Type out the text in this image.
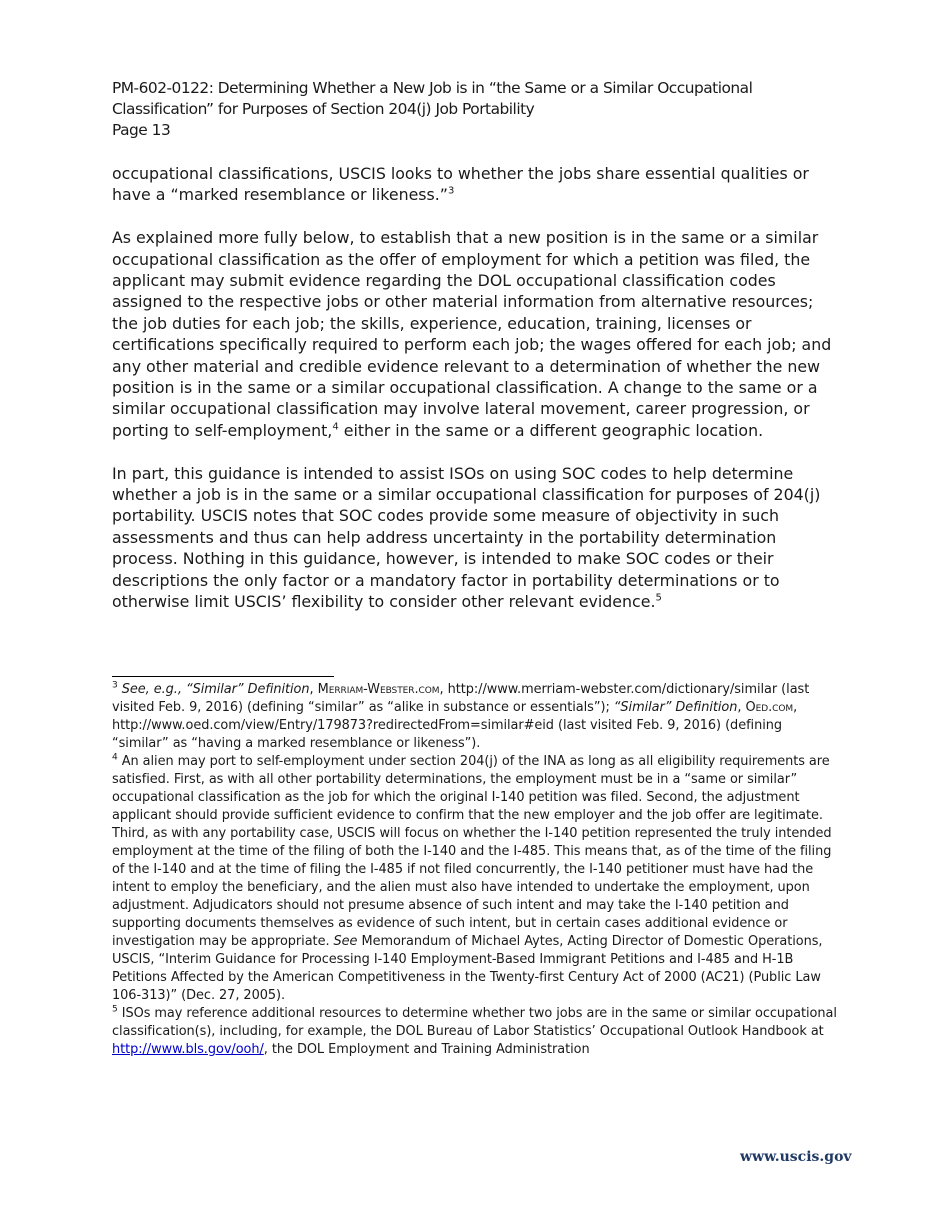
PM-602-0122: Determining Whether a New Job is in “the Same or a Similar Occupational
Classification” for Purposes of Section 204(j) Job Portability
Page 13

occupational classifications, USCIS looks to whether the jobs share essential qualities or have a “marked resemblance or likeness.”$^3$

As explained more fully below, to establish that a new position is in the same or a similar occupational classification as the offer of employment for which a petition was filed, the applicant may submit evidence regarding the DOL occupational classification codes assigned to the respective jobs or other material information from alternative resources; the job duties for each job; the skills, experience, education, training, licenses or certifications specifically required to perform each job; the wages offered for each job; and any other material and credible evidence relevant to a determination of whether the new position is in the same or a similar occupational classification. A change to the same or a similar occupational classification may involve lateral movement, career progression, or porting to self-employment,$^4$ either in the same or a different geographic location.

In part, this guidance is intended to assist ISOs on using SOC codes to help determine whether a job is in the same or a similar occupational classification for purposes of 204(j) portability. USCIS notes that SOC codes provide some measure of objectivity in such assessments and thus can help address uncertainty in the portability determination process. Nothing in this guidance, however, is intended to make SOC codes or their descriptions the only factor or a mandatory factor in portability determinations or to otherwise limit USCIS’ flexibility to consider other relevant evidence.$^5$

$^3$ See, e.g., “Similar” Definition, Merriam-Webster.com, http://www.merriam-webster.com/dictionary/similar (last visited Feb. 9, 2016) (defining “similar” as “alike in substance or essentials”); “Similar” Definition, Oed.com, http://www.oed.com/view/Entry/179873?redirectedFrom=similar#eid (last visited Feb. 9, 2016) (defining “similar” as “having a marked resemblance or likeness”).

$^4$ An alien may port to self-employment under section 204(j) of the INA as long as all eligibility requirements are satisfied. First, as with all other portability determinations, the employment must be in a “same or similar” occupational classification as the job for which the original I-140 petition was filed. Second, the adjustment applicant should provide sufficient evidence to confirm that the new employer and the job offer are legitimate. Third, as with any portability case, USCIS will focus on whether the I-140 petition represented the truly intended employment at the time of the filing of both the I-140 and the I-485. This means that, as of the time of the filing of the I-140 and at the time of filing the I-485 if not filed concurrently, the I-140 petitioner must have had the intent to employ the beneficiary, and the alien must also have intended to undertake the employment, upon adjustment. Adjudicators should not presume absence of such intent and may take the I-140 petition and supporting documents themselves as evidence of such intent, but in certain cases additional evidence or investigation may be appropriate. See Memorandum of Michael Aytes, Acting Director of Domestic Operations, USCIS, “Interim Guidance for Processing I-140 Employment-Based Immigrant Petitions and I-485 and H-1B Petitions Affected by the American Competitiveness in the Twenty-first Century Act of 2000 (AC21) (Public Law 106-313)” (Dec. 27, 2005).

$^5$ ISOs may reference additional resources to determine whether two jobs are in the same or similar occupational classification(s), including, for example, the DOL Bureau of Labor Statistics’ Occupational Outlook Handbook at http://www.bls.gov/ooh/, the DOL Employment and Training Administration

www.uscis.gov
